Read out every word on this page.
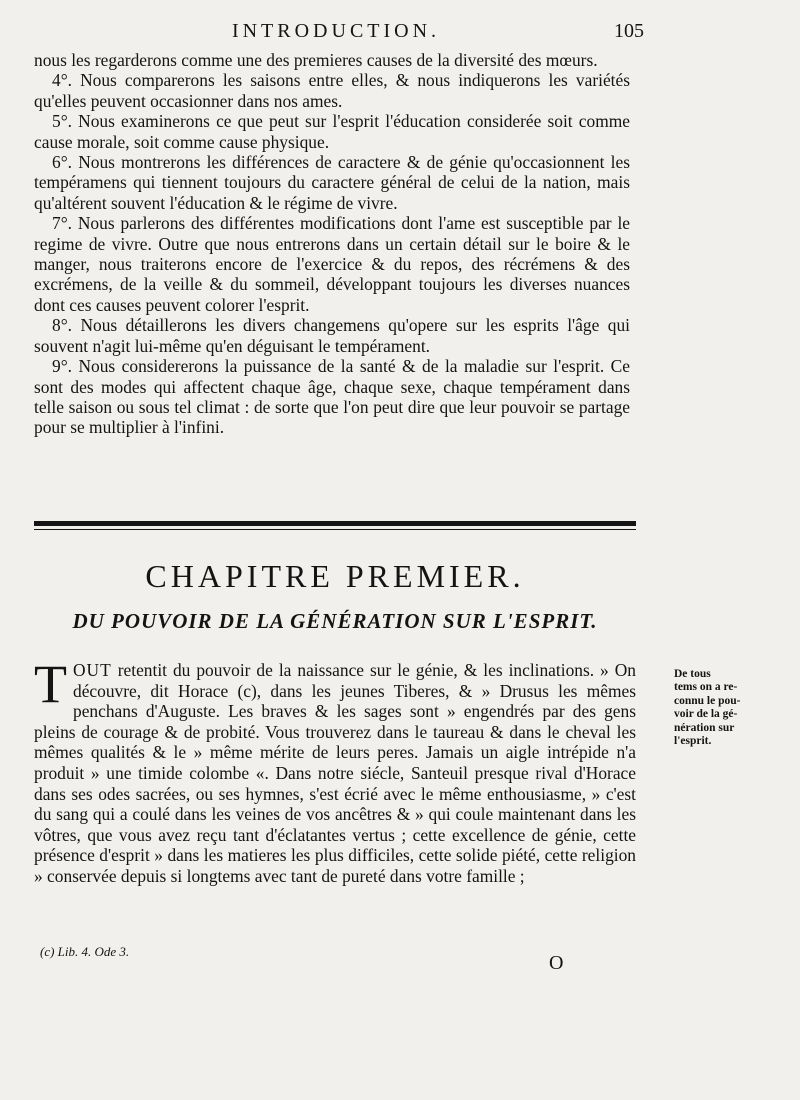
INTRODUCTION.	105

nous les regarderons comme une des premieres causes de la diversité des mœurs.

4°. Nous comparerons les saisons entre elles, & nous indiquerons les variétés qu'elles peuvent occasionner dans nos ames.

5°. Nous examinerons ce que peut sur l'esprit l'éducation considerée soit comme cause morale, soit comme cause physique.

6°. Nous montrerons les différences de caractere & de génie qu'occasionnent les tempéramens qui tiennent toujours du caractere général de celui de la nation, mais qu'altérent souvent l'éducation & le régime de vivre.

7°. Nous parlerons des différentes modifications dont l'ame est susceptible par le regime de vivre. Outre que nous entrerons dans un certain détail sur le boire & le manger, nous traiterons encore de l'exercice & du repos, des récrémens & des excrémens, de la veille & du sommeil, développant toujours les diverses nuances dont ces causes peuvent colorer l'esprit.

8°. Nous détaillerons les divers changemens qu'opere sur les esprits l'âge qui souvent n'agit lui-même qu'en déguisant le tempérament.

9°. Nous considererons la puissance de la santé & de la maladie sur l'esprit. Ce sont des modes qui affectent chaque âge, chaque sexe, chaque tempérament dans telle saison ou sous tel climat : de sorte que l'on peut dire que leur pouvoir se partage pour se multiplier à l'infini.

CHAPITRE PREMIER.
DU POUVOIR DE LA GÉNÉRATION SUR L'ESPRIT.
TOUT retentit du pouvoir de la naissance sur le génie, & les inclinations. » On découvre, dit Horace (c), dans les jeunes Tiberes, & » Drusus les mêmes penchans d'Auguste. Les braves & les sages sont » engendrés par des gens pleins de courage & de probité. Vous trouverez dans le taureau & dans le cheval les mêmes qualités & le » même mérite de leurs peres. Jamais un aigle intrépide n'a produit » une timide colombe «. Dans notre siécle, Santeuil presque rival d'Horace dans ses odes sacrées, ou ses hymnes, s'est écrié avec le même enthousiasme, » c'est du sang qui a coulé dans les veines de vos ancêtres & » qui coule maintenant dans les vôtres, que vous avez reçu tant d'éclatantes vertus ; cette excellence de génie, cette présence d'esprit » dans les matieres les plus difficiles, cette solide piété, cette religion » conservée depuis si longtems avec tant de pureté dans votre famille ;
De tous
tems on a re-
connu le pou-
voir de la gé-
nération sur
l'esprit.
(c) Lib. 4. Ode 3.
O
